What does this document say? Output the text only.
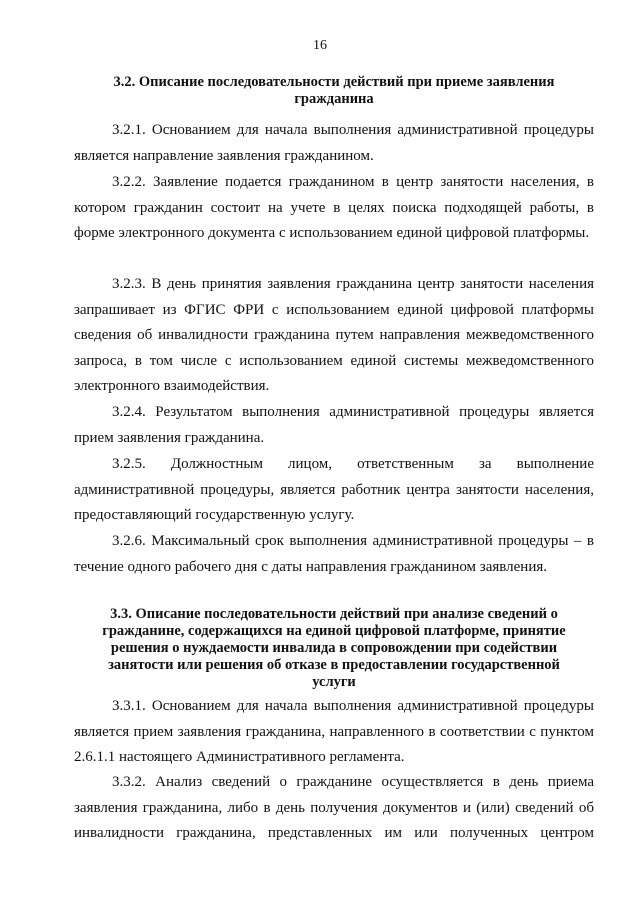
16
3.2. Описание последовательности действий при приеме заявления
гражданина

3.2.1. Основанием для начала выполнения административной процедуры является направление заявления гражданином.

3.2.2. Заявление подается гражданином в центр занятости населения, в котором гражданин состоит на учете в целях поиска подходящей работы, в форме электронного документа с использованием единой цифровой платформы.

3.2.3. В день принятия заявления гражданина центр занятости населения запрашивает из ФГИС ФРИ с использованием единой цифровой платформы сведения об инвалидности гражданина путем направления межведомственного запроса, в том числе с использованием единой системы межведомственного электронного взаимодействия.

3.2.4. Результатом выполнения административной процедуры является прием заявления гражданина.

3.2.5. Должностным лицом, ответственным за выполнение административной процедуры, является работник центра занятости населения, предоставляющий государственную услугу.

3.2.6. Максимальный срок выполнения административной процедуры – в течение одного рабочего дня с даты направления гражданином заявления.

3.3. Описание последовательности действий при анализе сведений о
гражданине, содержащихся на единой цифровой платформе, принятие
решения о нуждаемости инвалида в сопровождении при содействии
занятости или решения об отказе в предоставлении государственной
услуги

3.3.1. Основанием для начала выполнения административной процедуры является прием заявления гражданина, направленного в соответствии с пунктом 2.6.1.1 настоящего Административного регламента.

3.3.2. Анализ сведений о гражданине осуществляется в день приема заявления гражданина, либо в день получения документов и (или) сведений об инвалидности гражданина, представленных им или полученных центром
